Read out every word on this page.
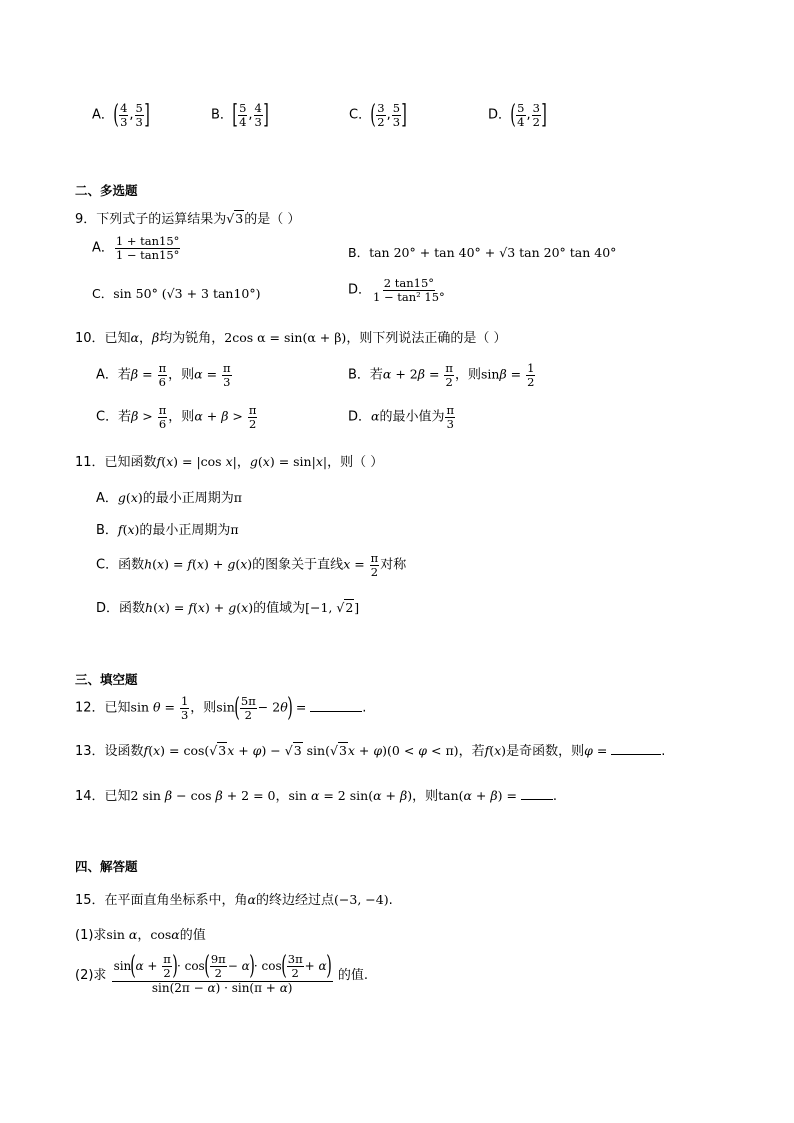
A．( $\frac{4}{3}$ , $\frac{5}{3}$ ]	B．[ $\frac{5}{4}$ , $\frac{4}{3}$ ]	C．( $\frac{3}{2}$ , $\frac{5}{3}$ ]	D．( $\frac{5}{4}$ , $\frac{3}{2}$ ]
二、多选题
9．下列式子的运算结果为√3的是（ ）
A． $\frac{1 + \tan 15^\circ}{1 - \tan 15^\circ}$	B．tan 20° + tan 40° + √3 tan 20° tan 40°
C．sin 50° (√3 + 3 tan10°)	D． $\frac{2 \tan 15^\circ}{\text{1 − tan² 15°}}$
10．已知α，β均为锐角，2cos α = sin(α + β)，则下列说法正确的是（ ）
A．若$\beta = \frac{\pi}{6}$ ，则$\alpha = \frac{\pi}{3}$	B．若$\alpha + 2\beta = \frac{\pi}{2}$ ，则$\sin\beta = \frac{1}{2}$
C．若$\beta > \frac{\pi}{6}$ ，则$\alpha + \beta > \frac{\pi}{2}$	D．α的最小值为 $\frac{\pi}{3}$
11．已知函数f(x) = |cos x|，g(x) = sin|x|，则（ ）
A．g(x)的最小正周期为π
B．f(x)的最小正周期为π
C．函数h(x) = f(x) + g(x)的图象关于直线$x = \frac{\pi}{2}$ 对称
D．函数h(x) = f(x) + g(x)的值域为[−1, √2]
三、填空题
12．已知$\sin \theta = \frac{1}{3}$ ，则$\sin( \frac{5\pi}{2} - 2\theta)$ =	.
13．设函数f(x) = cos(√3x + φ) − √3 sin(√3x + φ)(0 < φ < π)，若f(x)是奇函数，则φ =	.
14．已知2 sin β − cos β + 2 = 0，sin α = 2 sin(α + β)，则tan(α + β) = .
四、解答题
15．在平面直角坐标系中，角α的终边经过点(−3, −4).
(1)求sin α，cosα的值
(2)求 $\frac{\sin(\alpha + \frac{\pi}{2} )\cdot \cos( \frac{9\pi}{2} - \alpha)\cdot \cos( \frac{3\pi}{2} + \alpha)}{\sin(2\pi - \alpha) \cdot \sin(\pi + \alpha)}$ 的值.
